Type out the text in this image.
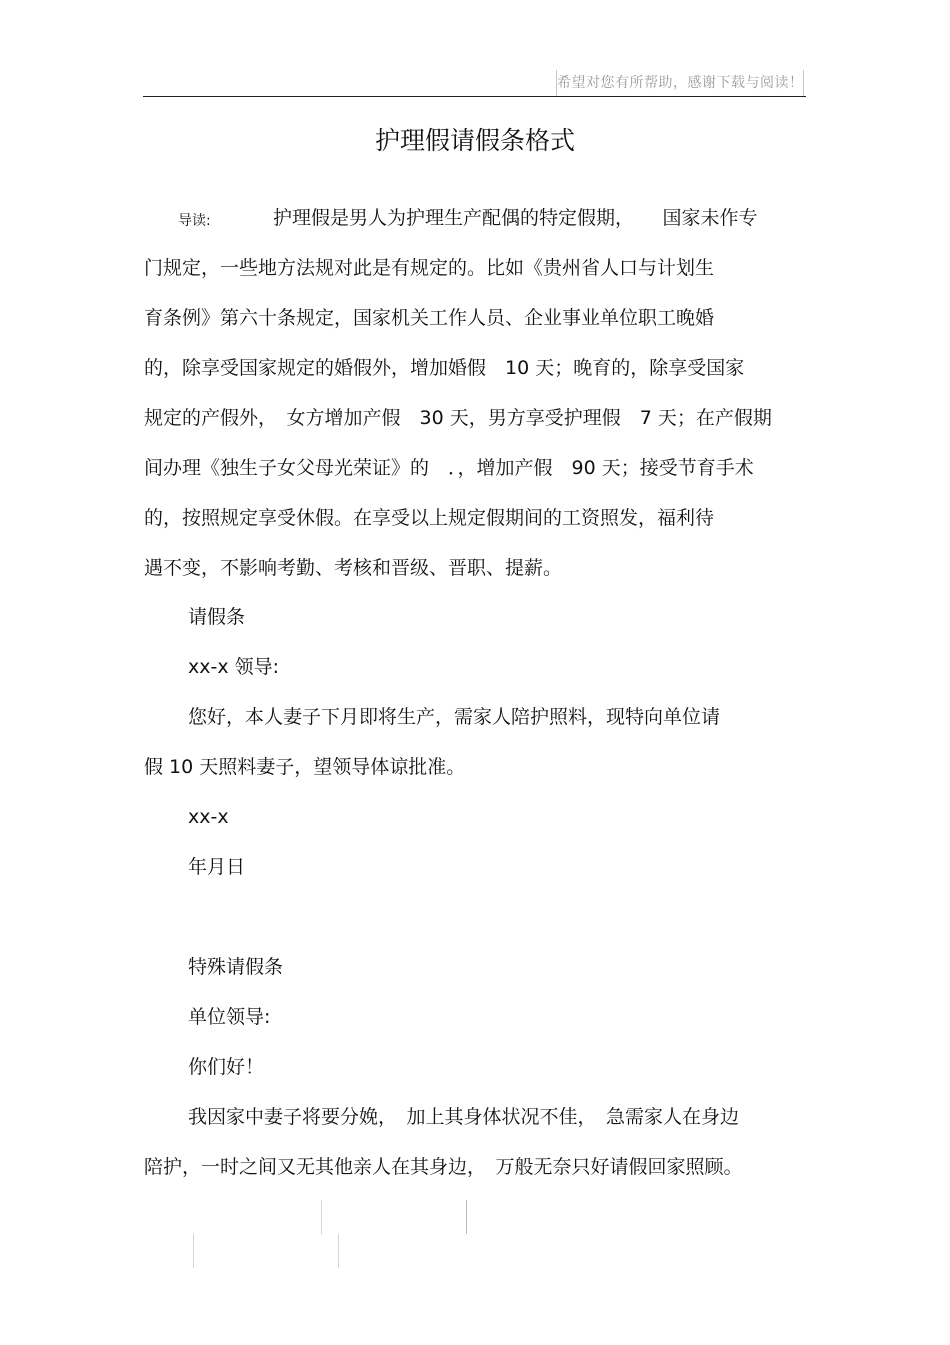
希望对您有所帮助，感谢下载与阅读！
护理假请假条格式
导读:	护理假是男人为护理生产配偶的特定假期，　　国家未作专
门规定，一些地方法规对此是有规定的。比如《贵州省人口与计划生
育条例》第六十条规定，国家机关工作人员、企业事业单位职工晚婚
的，除享受国家规定的婚假外，增加婚假　10 天；晚育的，除享受国家
规定的产假外，　女方增加产假　30 天，男方享受护理假　7 天；在产假期
间办理《独生子女父母光荣证》的　．，增加产假　90 天；接受节育手术
的，按照规定享受休假。在享受以上规定假期间的工资照发，福利待
遇不变，不影响考勤、考核和晋级、晋职、提薪。
请假条
xx-x 领导:
您好，本人妻子下月即将生产，需家人陪护照料，现特向单位请
假 10 天照料妻子，望领导体谅批准。
xx-x
年月日
特殊请假条
单位领导:
你们好！
我因家中妻子将要分娩，　加上其身体状况不佳，　急需家人在身边
陪护，一时之间又无其他亲人在其身边，　万般无奈只好请假回家照顾。
